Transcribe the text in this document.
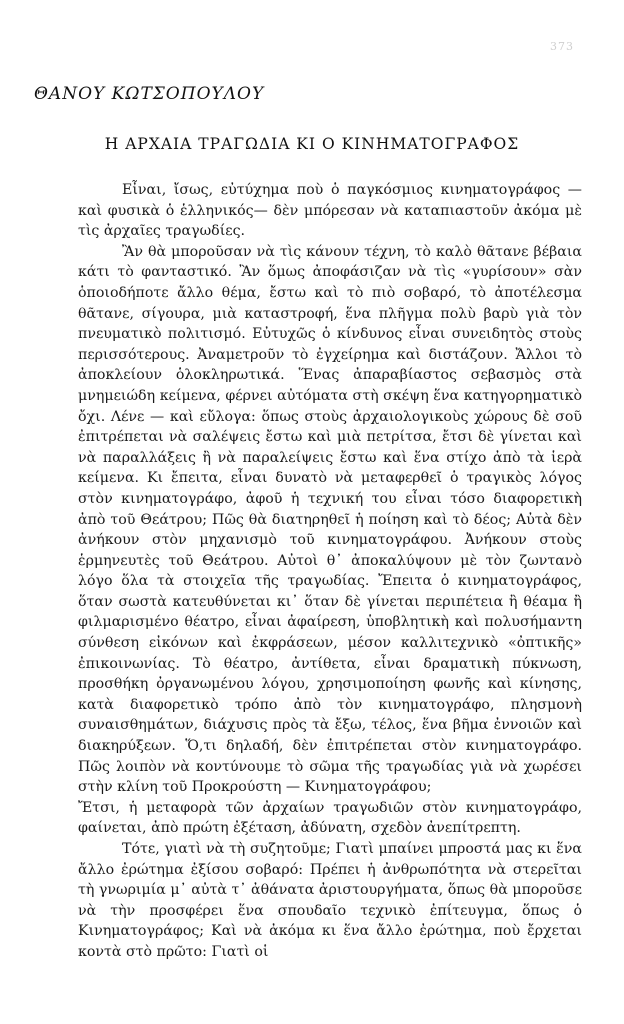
373
ΘΑΝΟΥ ΚΩΤΣΟΠΟΥΛΟΥ
Η ΑΡΧΑΙΑ ΤΡΑΓΩΔΙΑ ΚΙ Ο ΚΙΝΗΜΑΤΟΓΡΑΦΟΣ

Εἶναι, ἴσως, εὐτύχημα ποὺ ὁ παγκόσμιος κινηματογράφος — καὶ φυσικὰ ὁ ἑλληνικός— δὲν μπόρεσαν νὰ καταπιαστοῦν ἀκόμα μὲ τὶς ἀρχαῖες τραγωδίες.

Ἂν θὰ μποροῦσαν νὰ τὶς κάνουν τέχνη, τὸ καλὸ θᾶτανε βέβαια κάτι τὸ φανταστικό. Ἂν ὅμως ἀποφάσιζαν νὰ τὶς «γυρίσουν» σὰν ὁποιοδήποτε ἄλλο θέμα, ἔστω καὶ τὸ πιὸ σοβαρό, τὸ ἀποτέλεσμα θᾶτανε, σίγουρα, μιὰ καταστροφή, ἕνα πλῆγμα πολὺ βαρὺ γιὰ τὸν πνευματικὸ πολιτισμό. Εὐτυχῶς ὁ κίνδυνος εἶναι συνειδητὸς στοὺς περισσότερους. Ἀναμετροῦν τὸ ἐγχείρημα καὶ διστάζουν. Ἄλλοι τὸ ἀποκλείουν ὁλοκληρωτικά. Ἕνας ἀπαραβίαστος σεβασμὸς στὰ μνημειώδη κείμενα, φέρνει αὐτόματα στὴ σκέψη ἕνα κατηγορηματικὸ ὄχι. Λένε — καὶ εὔλογα: ὅπως στοὺς ἀρχαιολογικοὺς χώρους δὲ σοῦ ἐπιτρέπεται νὰ σαλέψεις ἔστω καὶ μιὰ πετρίτσα, ἔτσι δὲ γίνεται καὶ νὰ παραλλάξεις ἢ νὰ παραλείψεις ἔστω καὶ ἕνα στίχο ἀπὸ τὰ ἱερὰ κείμενα. Κι ἔπειτα, εἶναι δυνατὸ νὰ μεταφερθεῖ ὁ τραγικὸς λόγος στὸν κινηματογράφο, ἀφοῦ ἡ τεχνική του εἶναι τόσο διαφορετικὴ ἀπὸ τοῦ Θεάτρου; Πῶς θὰ διατηρηθεῖ ἡ ποίηση καὶ τὸ δέος; Αὐτὰ δὲν ἀνήκουν στὸν μηχανισμὸ τοῦ κινηματογράφου. Ἀνήκουν στοὺς ἑρμηνευτὲς τοῦ Θεάτρου. Αὐτοὶ θ᾽ ἀποκαλύψουν μὲ τὸν ζωντανὸ λόγο ὅλα τὰ στοιχεῖα τῆς τραγωδίας. Ἔπειτα ὁ κινηματογράφος, ὅταν σωστὰ κατευθύνεται κι᾽ ὅταν δὲ γίνεται περιπέτεια ἢ θέαμα ἢ φιλμαρισμένο θέατρο, εἶναι ἀφαίρεση, ὑποβλητικὴ καὶ πολυσήμαντη σύνθεση εἰκόνων καὶ ἐκφράσεων, μέσον καλλιτεχνικὸ «ὀπτικῆς» ἐπικοινωνίας. Τὸ θέατρο, ἀντίθετα, εἶναι δραματικὴ πύκνωση, προσθήκη ὀργανωμένου λόγου, χρησιμοποίηση φωνῆς καὶ κίνησης, κατὰ διαφορετικὸ τρόπο ἀπὸ τὸν κινηματογράφο, πλησμονὴ συναισθημάτων, διάχυσις πρὸς τὰ ἔξω, τέλος, ἕνα βῆμα ἐννοιῶν καὶ διακηρύξεων. Ὅ,τι δηλαδή, δὲν ἐπιτρέπεται στὸν κινηματογράφο. Πῶς λοιπὸν νὰ κοντύνουμε τὸ σῶμα τῆς τραγωδίας γιὰ νὰ χωρέσει στὴν κλίνη τοῦ Προκρούστη — Κινηματογράφου;

Ἔτσι, ἡ μεταφορὰ τῶν ἀρχαίων τραγωδιῶν στὸν κινηματογράφο, φαίνεται, ἀπὸ πρώτη ἐξέταση, ἀδύνατη, σχεδὸν ἀνεπίτρεπτη.

Τότε, γιατὶ νὰ τὴ συζητοῦμε; Γιατὶ μπαίνει μπροστά μας κι ἕνα ἄλλο ἐρώτημα ἐξίσου σοβαρό: Πρέπει ἡ ἀνθρωπότητα νὰ στερεῖται τὴ γνωριμία μ᾽ αὐτὰ τ᾽ ἀθάνατα ἀριστουργήματα, ὅπως θὰ μποροῦσε νὰ τὴν προσφέρει ἕνα σπουδαῖο τεχνικὸ ἐπίτευγμα, ὅπως ὁ Κινηματογράφος; Καὶ νὰ ἀκόμα κι ἕνα ἄλλο ἐρώτημα, ποὺ ἔρχεται κοντὰ στὸ πρῶτο: Γιατὶ οἱ
